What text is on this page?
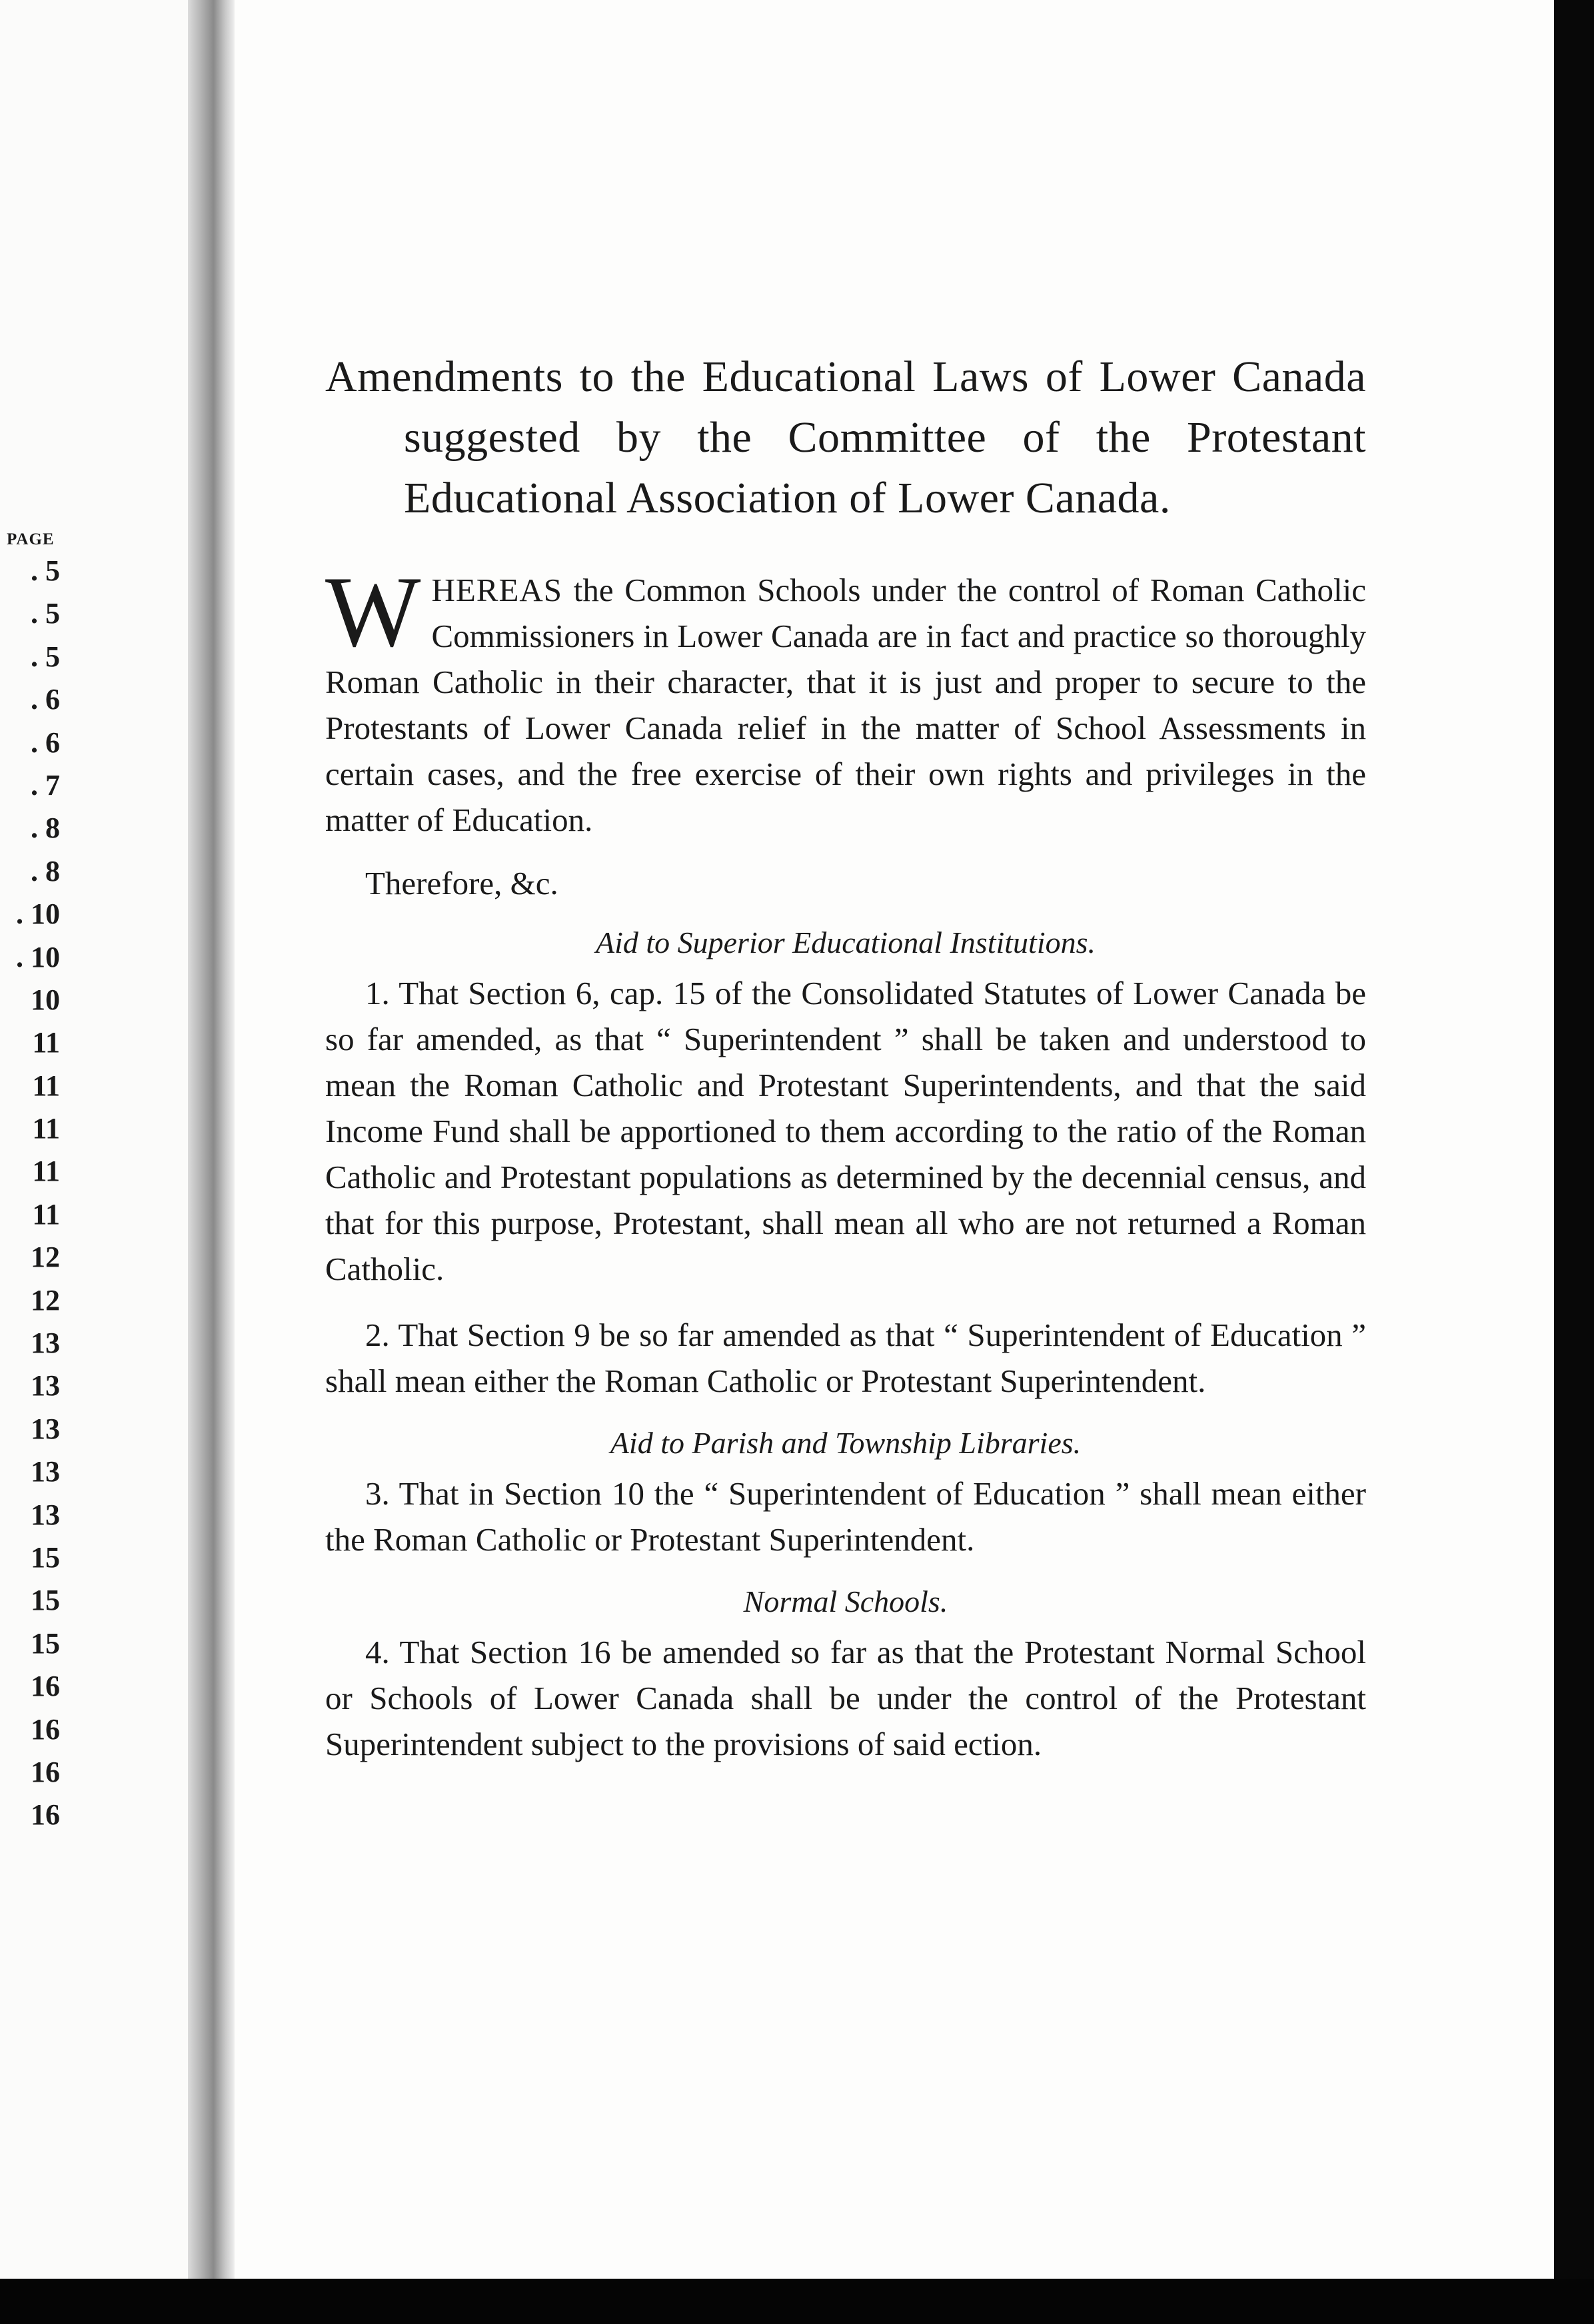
PAGE
. 5
. 5
. 5
. 6
. 6
. 7
. 8
. 8
. 10
. 10
10
11
11
11
11
11
12
12
13
13
13
13
13
15
15
15
16
16
16
16
Amendments to the Educational Laws of Lower Canada suggested by the Committee of the Protestant Educational Association of Lower Canada.

WHEREAS the Common Schools under the control of Roman Catholic Commissioners in Lower Canada are in fact and practice so thoroughly Roman Catholic in their character, that it is just and proper to secure to the Protestants of Lower Canada relief in the matter of School Assessments in certain cases, and the free exercise of their own rights and privileges in the matter of Education.

Therefore, &c.

Aid to Superior Educational Institutions.

1. That Section 6, cap. 15 of the Consolidated Statutes of Lower Canada be so far amended, as that “ Superintendent ” shall be taken and understood to mean the Roman Catholic and Protestant Superintendents, and that the said Income Fund shall be apportioned to them according to the ratio of the Roman Catholic and Protestant populations as determined by the decennial census, and that for this purpose, Protestant, shall mean all who are not returned a Roman Catholic.

2. That Section 9 be so far amended as that “ Superintendent of Education ” shall mean either the Roman Catholic or Protestant Superintendent.

Aid to Parish and Township Libraries.

3. That in Section 10 the “ Superintendent of Education ” shall mean either the Roman Catholic or Protestant Superintendent.

Normal Schools.

4. That Section 16 be amended so far as that the Protestant Normal School or Schools of Lower Canada shall be under the control of the Protestant Superintendent subject to the provisions of said ection.
